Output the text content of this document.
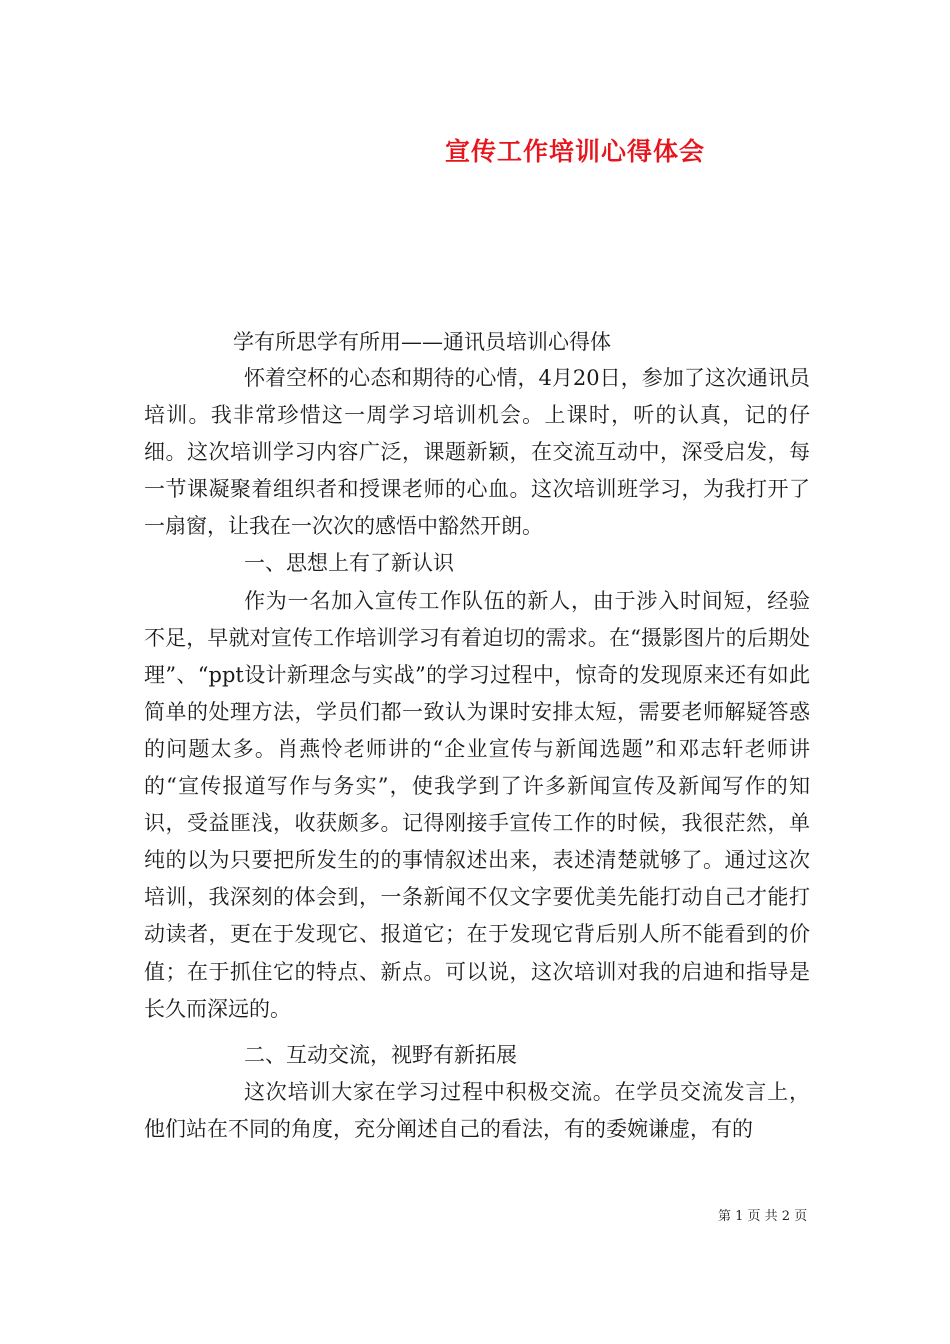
宣传工作培训心得体会

学有所思学有所用——通讯员培训心得体

怀着空杯的心态和期待的心情，4月20日，参加了这次通讯员培训。我非常珍惜这一周学习培训机会。上课时，听的认真，记的仔细。这次培训学习内容广泛，课题新颖，在交流互动中，深受启发，每一节课凝聚着组织者和授课老师的心血。这次培训班学习，为我打开了一扇窗，让我在一次次的感悟中豁然开朗。

一、思想上有了新认识

作为一名加入宣传工作队伍的新人，由于涉入时间短，经验不足，早就对宣传工作培训学习有着迫切的需求。在“摄影图片的后期处理”、“ppt设计新理念与实战”的学习过程中，惊奇的发现原来还有如此简单的处理方法，学员们都一致认为课时安排太短，需要老师解疑答惑的问题太多。肖燕怜老师讲的“企业宣传与新闻选题”和邓志轩老师讲的“宣传报道写作与务实”，使我学到了许多新闻宣传及新闻写作的知识，受益匪浅，收获颇多。记得刚接手宣传工作的时候，我很茫然，单纯的以为只要把所发生的的事情叙述出来，表述清楚就够了。通过这次培训，我深刻的体会到，一条新闻不仅文字要优美先能打动自己才能打动读者，更在于发现它、报道它；在于发现它背后别人所不能看到的价值；在于抓住它的特点、新点。可以说，这次培训对我的启迪和指导是长久而深远的。

二、互动交流，视野有新拓展

这次培训大家在学习过程中积极交流。在学员交流发言上，他们站在不同的角度，充分阐述自己的看法，有的委婉谦虚，有的

第 1 页 共 2 页
